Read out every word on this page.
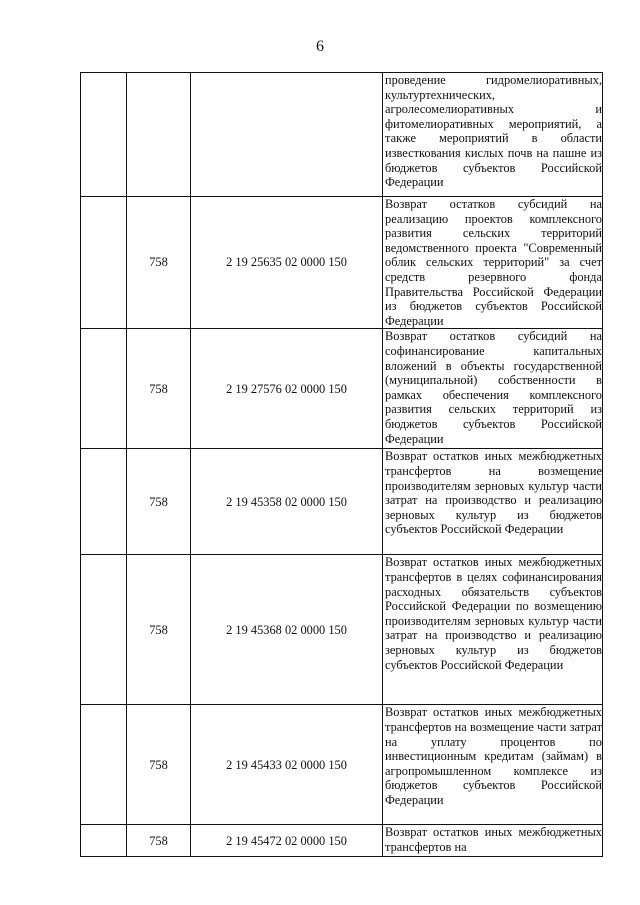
6
			проведение гидромелиоративных, культуртехнических, агролесомелиоративных и фитомелиоративных мероприятий, а также мероприятий в области известкования кислых почв на пашне из бюджетов субъектов Российской Федерации
	758	2 19 25635 02 0000 150	Возврат остатков субсидий на реализацию проектов комплексного развития сельских территорий ведомственного проекта "Современный облик сельских территорий" за счет средств резервного фонда Правительства Российской Федерации из бюджетов субъектов Российской Федерации
	758	2 19 27576 02 0000 150	Возврат остатков субсидий на софинансирование капитальных вложений в объекты государственной (муниципальной) собственности в рамках обеспечения комплексного развития сельских территорий из бюджетов субъектов Российской Федерации
	758	2 19 45358 02 0000 150	Возврат остатков иных межбюджетных трансфертов на возмещение производителям зерновых культур части затрат на производство и реализацию зерновых культур из бюджетов субъектов Российской Федерации
	758	2 19 45368 02 0000 150	Возврат остатков иных межбюджетных трансфертов в целях софинансирования расходных обязательств субъектов Российской Федерации по возмещению производителям зерновых культур части затрат на производство и реализацию зерновых культур из бюджетов субъектов Российской Федерации
	758	2 19 45433 02 0000 150	Возврат остатков иных межбюджетных трансфертов на возмещение части затрат на уплату процентов по инвестиционным кредитам (займам) в агропромышленном комплексе из бюджетов субъектов Российской Федерации
	758	2 19 45472 02 0000 150	Возврат остатков иных межбюджетных трансфертов на
